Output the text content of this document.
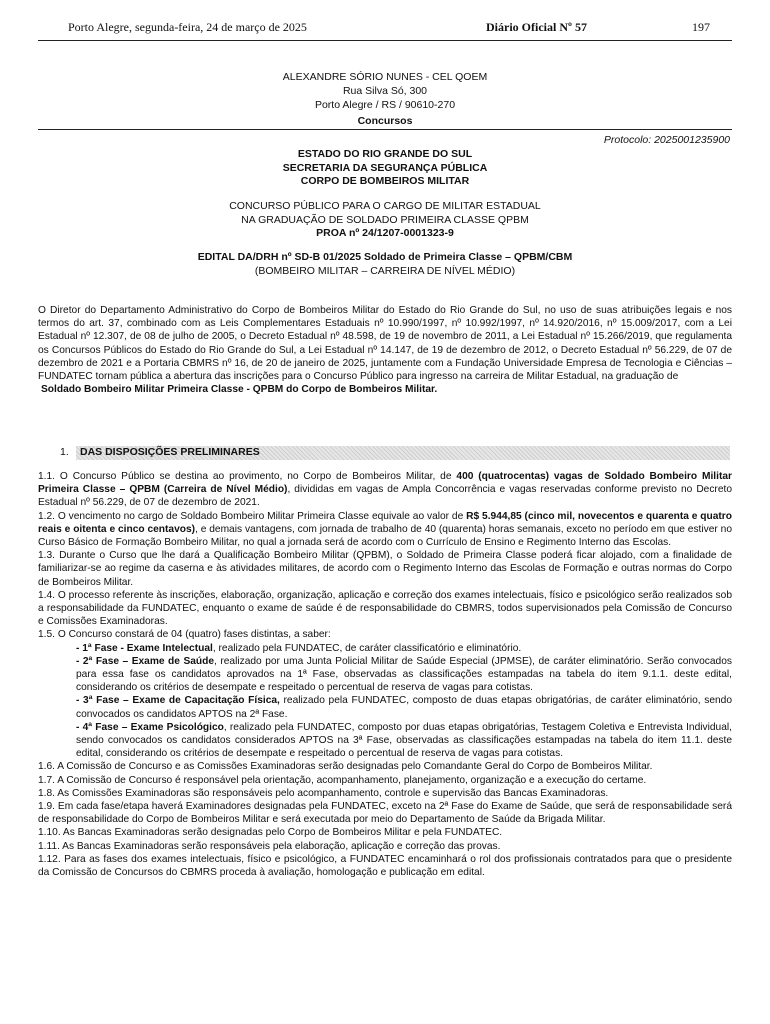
Porto Alegre, segunda-feira, 24 de março de 2025	Diário Oficial Nº 57	197
ALEXANDRE SÓRIO NUNES - CEL QOEM
Rua Silva Só, 300
Porto Alegre / RS / 90610-270
Concursos
Protocolo: 2025001235900
ESTADO DO RIO GRANDE DO SUL
SECRETARIA DA SEGURANÇA PÚBLICA
CORPO DE BOMBEIROS MILITAR
CONCURSO PÚBLICO PARA O CARGO DE MILITAR ESTADUAL
NA GRADUAÇÃO DE SOLDADO PRIMEIRA CLASSE QPBM
PROA nº 24/1207-0001323-9
EDITAL DA/DRH nº SD-B 01/2025 Soldado de Primeira Classe – QPBM/CBM
(BOMBEIRO MILITAR – CARREIRA DE NÍVEL MÉDIO)

O Diretor do Departamento Administrativo do Corpo de Bombeiros Militar do Estado do Rio Grande do Sul, no uso de suas atribuições legais e nos termos do art. 37, combinado com as Leis Complementares Estaduais nº 10.990/1997, nº 10.992/1997, nº 14.920/2016, nº 15.009/2017, com a Lei Estadual nº 12.307, de 08 de julho de 2005, o Decreto Estadual nº 48.598, de 19 de novembro de 2011, a Lei Estadual nº 15.266/2019, que regulamenta os Concursos Públicos do Estado do Rio Grande do Sul, a Lei Estadual nº 14.147, de 19 de dezembro de 2012, o Decreto Estadual nº 56.229, de 07 de dezembro de 2021 e a Portaria CBMRS nº 16, de 20 de janeiro de 2025, juntamente com a Fundação Universidade Empresa de Tecnologia e Ciências – FUNDATEC tornam pública a abertura das inscrições para o Concurso Público para ingresso na carreira de Militar Estadual, na graduação de

Soldado Bombeiro Militar Primeira Classe - QPBM do Corpo de Bombeiros Militar.

1. DAS DISPOSIÇÕES PRELIMINARES

1.1. O Concurso Público se destina ao provimento, no Corpo de Bombeiros Militar, de 400 (quatrocentas) vagas de Soldado Bombeiro Militar Primeira Classe – QPBM (Carreira de Nível Médio), divididas em vagas de Ampla Concorrência e vagas reservadas conforme previsto no Decreto Estadual nº 56.229, de 07 de dezembro de 2021.

1.2. O vencimento no cargo de Soldado Bombeiro Militar Primeira Classe equivale ao valor de R$ 5.944,85 (cinco mil, novecentos e quarenta e quatro reais e oitenta e cinco centavos), e demais vantagens, com jornada de trabalho de 40 (quarenta) horas semanais, exceto no período em que estiver no Curso Básico de Formação Bombeiro Militar, no qual a jornada será de acordo com o Currículo de Ensino e Regimento Interno das Escolas.

1.3. Durante o Curso que lhe dará a Qualificação Bombeiro Militar (QPBM), o Soldado de Primeira Classe poderá ficar alojado, com a finalidade de familiarizar-se ao regime da caserna e às atividades militares, de acordo com o Regimento Interno das Escolas de Formação e outras normas do Corpo de Bombeiros Militar.

1.4. O processo referente às inscrições, elaboração, organização, aplicação e correção dos exames intelectuais, físico e psicológico serão realizados sob a responsabilidade da FUNDATEC, enquanto o exame de saúde é de responsabilidade do CBMRS, todos supervisionados pela Comissão de Concurso e Comissões Examinadoras.

1.5. O Concurso constará de 04 (quatro) fases distintas, a saber:

- 1ª Fase - Exame Intelectual, realizado pela FUNDATEC, de caráter classificatório e eliminatório.

- 2ª Fase – Exame de Saúde, realizado por uma Junta Policial Militar de Saúde Especial (JPMSE), de caráter eliminatório. Serão convocados para essa fase os candidatos aprovados na 1ª Fase, observadas as classificações estampadas na tabela do item 9.1.1. deste edital, considerando os critérios de desempate e respeitado o percentual de reserva de vagas para cotistas.

- 3ª Fase – Exame de Capacitação Física, realizado pela FUNDATEC, composto de duas etapas obrigatórias, de caráter eliminatório, sendo convocados os candidatos APTOS na 2ª Fase.

- 4ª Fase – Exame Psicológico, realizado pela FUNDATEC, composto por duas etapas obrigatórias, Testagem Coletiva e Entrevista Individual, sendo convocados os candidatos considerados APTOS na 3ª Fase, observadas as classificações estampadas na tabela do item 11.1. deste edital, considerando os critérios de desempate e respeitado o percentual de reserva de vagas para cotistas.

1.6. A Comissão de Concurso e as Comissões Examinadoras serão designadas pelo Comandante Geral do Corpo de Bombeiros Militar.

1.7. A Comissão de Concurso é responsável pela orientação, acompanhamento, planejamento, organização e a execução do certame.

1.8. As Comissões Examinadoras são responsáveis pelo acompanhamento, controle e supervisão das Bancas Examinadoras.

1.9. Em cada fase/etapa haverá Examinadores designadas pela FUNDATEC, exceto na 2ª Fase do Exame de Saúde, que será de responsabilidade será de responsabilidade do Corpo de Bombeiros Militar e será executada por meio do Departamento de Saúde da Brigada Militar.

1.10. As Bancas Examinadoras serão designadas pelo Corpo de Bombeiros Militar e pela FUNDATEC.

1.11. As Bancas Examinadoras serão responsáveis pela elaboração, aplicação e correção das provas.

1.12. Para as fases dos exames intelectuais, físico e psicológico, a FUNDATEC encaminhará o rol dos profissionais contratados para que o presidente da Comissão de Concursos do CBMRS proceda à avaliação, homologação e publicação em edital.
